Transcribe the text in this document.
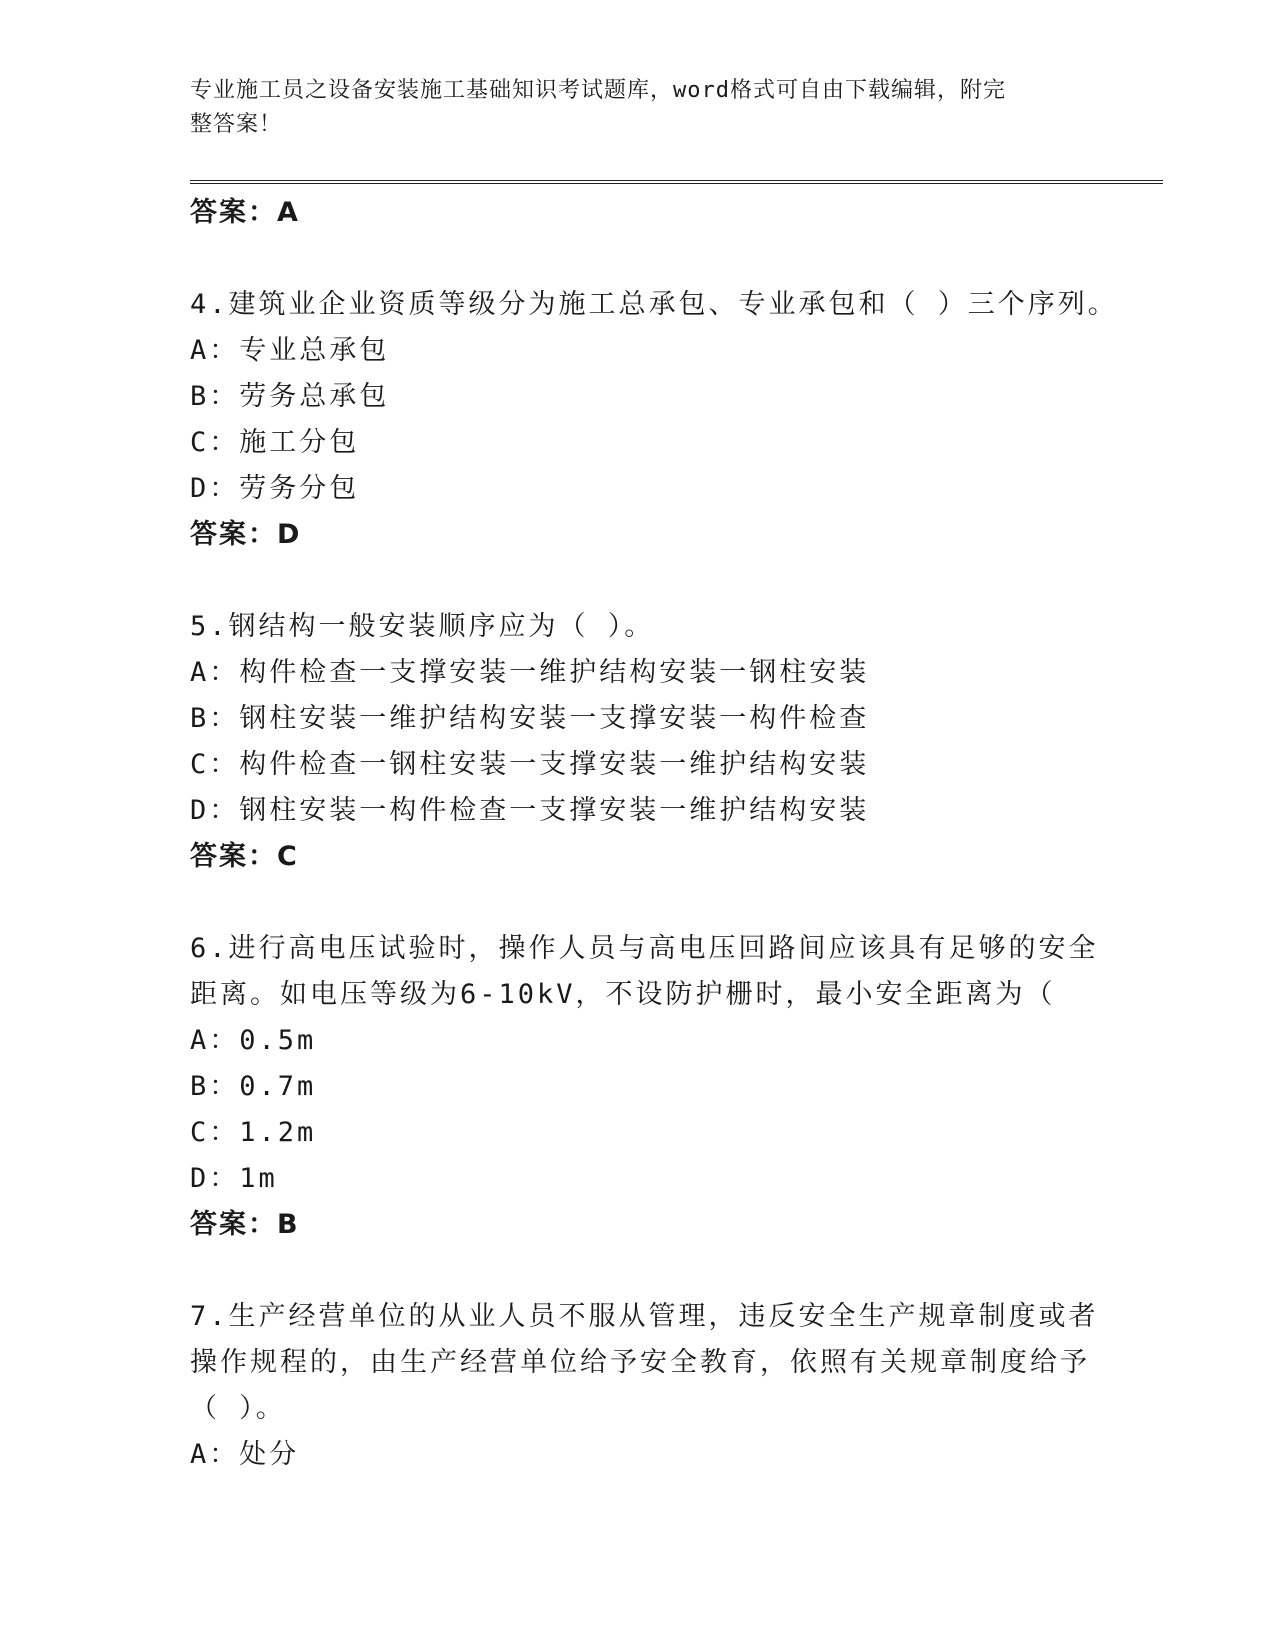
专业施工员之设备安装施工基础知识考试题库，word格式可自由下载编辑，附完
整答案！
答案：A
4.建筑业企业资质等级分为施工总承包、专业承包和（ ）三个序列。
A：专业总承包
B：劳务总承包
C：施工分包
D：劳务分包
答案：D
5.钢结构一般安装顺序应为（ ）。
A：构件检查一支撑安装一维护结构安装一钢柱安装
B：钢柱安装一维护结构安装一支撑安装一构件检查
C：构件检查一钢柱安装一支撑安装一维护结构安装
D：钢柱安装一构件检查一支撑安装一维护结构安装
答案：C
6.进行高电压试验时，操作人员与高电压回路间应该具有足够的安全
距离。如电压等级为6-10kV，不设防护栅时，最小安全距离为（
A：0.5m
B：0.7m
C：1.2m
D：1m
答案：B
7.生产经营单位的从业人员不服从管理，违反安全生产规章制度或者
操作规程的，由生产经营单位给予安全教育，依照有关规章制度给予
（ ）。
A：处分
